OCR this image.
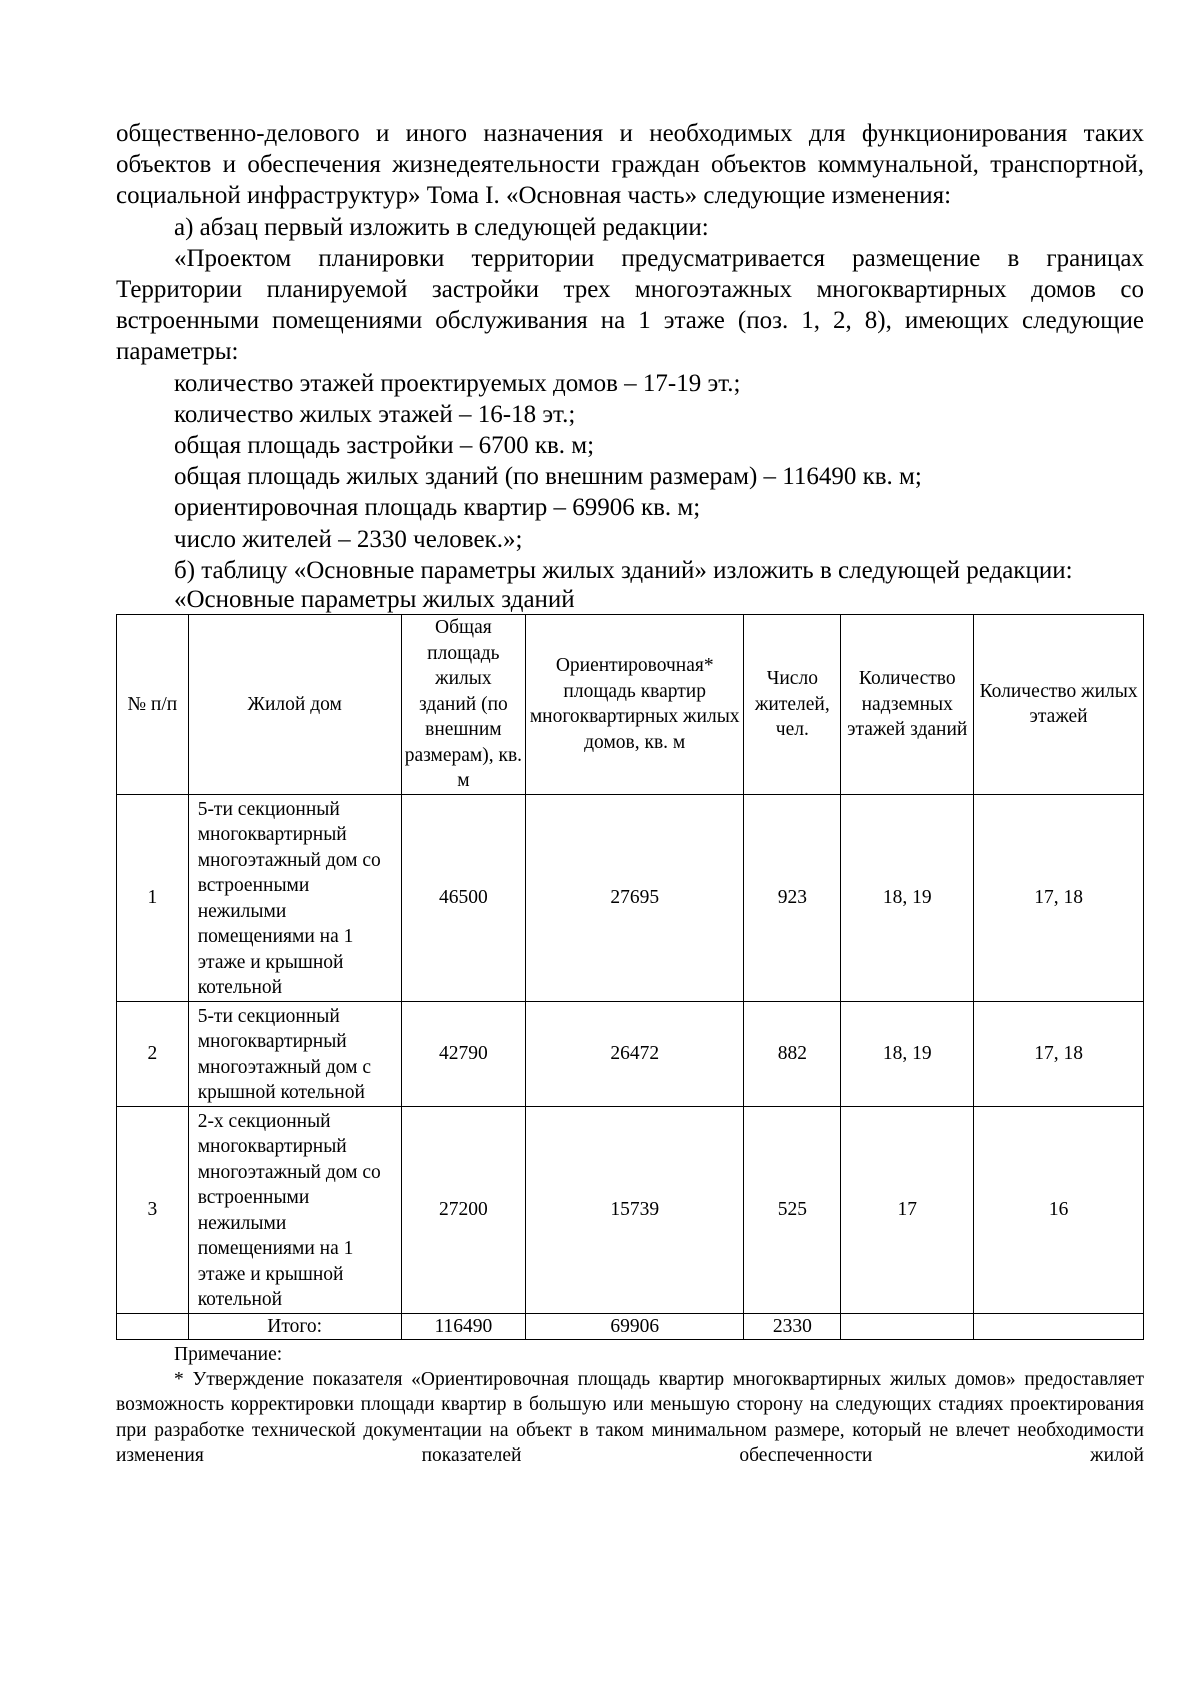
общественно-делового и иного назначения и необходимых для функционирования таких объектов и обеспечения жизнедеятельности граждан объектов коммунальной, транспортной, социальной инфраструктур» Тома I. «Основная часть» следующие изменения:

а) абзац первый изложить в следующей редакции:

«Проектом планировки территории предусматривается размещение в границах Территории планируемой застройки трех многоэтажных многоквартирных домов со встроенными помещениями обслуживания на 1 этаже (поз. 1, 2, 8), имеющих следующие параметры:

количество этажей проектируемых домов – 17-19 эт.;

количество жилых этажей – 16-18 эт.;

общая площадь застройки – 6700 кв. м;

общая площадь жилых зданий (по внешним размерам) – 116490 кв. м;

ориентировочная площадь квартир – 69906 кв. м;

число жителей – 2330 человек.»;

б) таблицу «Основные параметры жилых зданий» изложить в следующей редакции:

«Основные параметры жилых зданий

№ п/п	Жилой дом	Общая площадь жилых зданий (по внешним размерам), кв. м	Ориентировочная* площадь квартир многоквартирных жилых домов, кв. м	Число жителей, чел.	Количество надземных этажей зданий	Количество жилых этажей
1	5-ти секционный многоквартирный многоэтажный дом со встроенными нежилыми помещениями на 1 этаже и крышной котельной	46500	27695	923	18, 19	17, 18
2	5-ти секционный многоквартирный многоэтажный дом с крышной котельной	42790	26472	882	18, 19	17, 18
3	2-х секционный многоквартирный многоэтажный дом со встроенными нежилыми помещениями на 1 этаже и крышной котельной	27200	15739	525	17	16
	Итого:	116490	69906	2330		

Примечание:

* Утверждение показателя «Ориентировочная площадь квартир многоквартирных жилых домов» предоставляет возможность корректировки площади квартир в большую или меньшую сторону на следующих стадиях проектирования при разработке технической документации на объект в таком минимальном размере, который не влечет необходимости изменения показателей обеспеченности жилой
